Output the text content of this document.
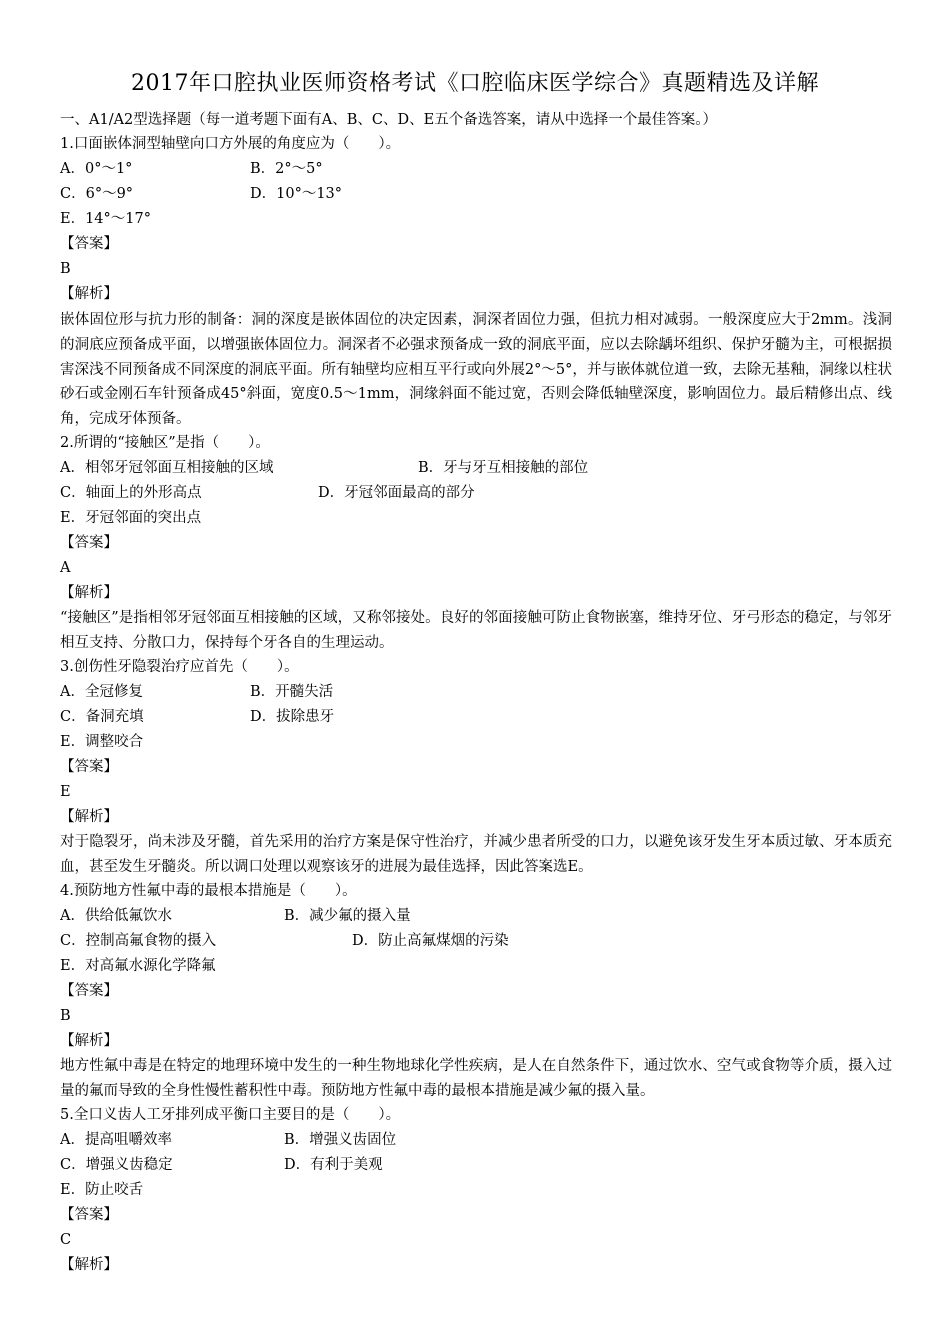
2017年口腔执业医师资格考试《口腔临床医学综合》真题精选及详解
一、A1/A2型选择题（每一道考题下面有A、B、C、D、E五个备选答案，请从中选择一个最佳答案。）
1.口面嵌体洞型轴壁向口方外展的角度应为（　　）。
A．0°～1°	B．2°～5°
C．6°～9°	D．10°～13°
E．14°～17°
【答案】
B
【解析】
嵌体固位形与抗力形的制备：洞的深度是嵌体固位的决定因素，洞深者固位力强，但抗力相对减弱。一般深度应大于2mm。浅洞的洞底应预备成平面，以增强嵌体固位力。洞深者不必强求预备成一致的洞底平面，应以去除龋坏组织、保护牙髓为主，可根据损害深浅不同预备成不同深度的洞底平面。所有轴壁均应相互平行或向外展2°～5°，并与嵌体就位道一致，去除无基釉，洞缘以柱状砂石或金刚石车针预备成45°斜面，宽度0.5～1mm，洞缘斜面不能过宽，否则会降低轴壁深度，影响固位力。最后精修出点、线角，完成牙体预备。
2.所谓的“接触区”是指（　　）。
A．相邻牙冠邻面互相接触的区域	B．牙与牙互相接触的部位
C．轴面上的外形高点	D．牙冠邻面最高的部分
E．牙冠邻面的突出点
【答案】
A
【解析】
“接触区”是指相邻牙冠邻面互相接触的区域，又称邻接处。良好的邻面接触可防止食物嵌塞，维持牙位、牙弓形态的稳定，与邻牙相互支持、分散口力，保持每个牙各自的生理运动。
3.创伤性牙隐裂治疗应首先（　　）。
A．全冠修复	B．开髓失活
C．备洞充填	D．拔除患牙
E．调整咬合
【答案】
E
【解析】
对于隐裂牙，尚未涉及牙髓，首先采用的治疗方案是保守性治疗，并减少患者所受的口力，以避免该牙发生牙本质过敏、牙本质充血，甚至发生牙髓炎。所以调口处理以观察该牙的进展为最佳选择，因此答案选E。
4.预防地方性氟中毒的最根本措施是（　　）。
A．供给低氟饮水	B．减少氟的摄入量
C．控制高氟食物的摄入	D．防止高氟煤烟的污染
E．对高氟水源化学降氟
【答案】
B
【解析】
地方性氟中毒是在特定的地理环境中发生的一种生物地球化学性疾病，是人在自然条件下，通过饮水、空气或食物等介质，摄入过量的氟而导致的全身性慢性蓄积性中毒。预防地方性氟中毒的最根本措施是减少氟的摄入量。
5.全口义齿人工牙排列成平衡口主要目的是（　　）。
A．提高咀嚼效率	B．增强义齿固位
C．增强义齿稳定	D．有利于美观
E．防止咬舌
【答案】
C
【解析】
